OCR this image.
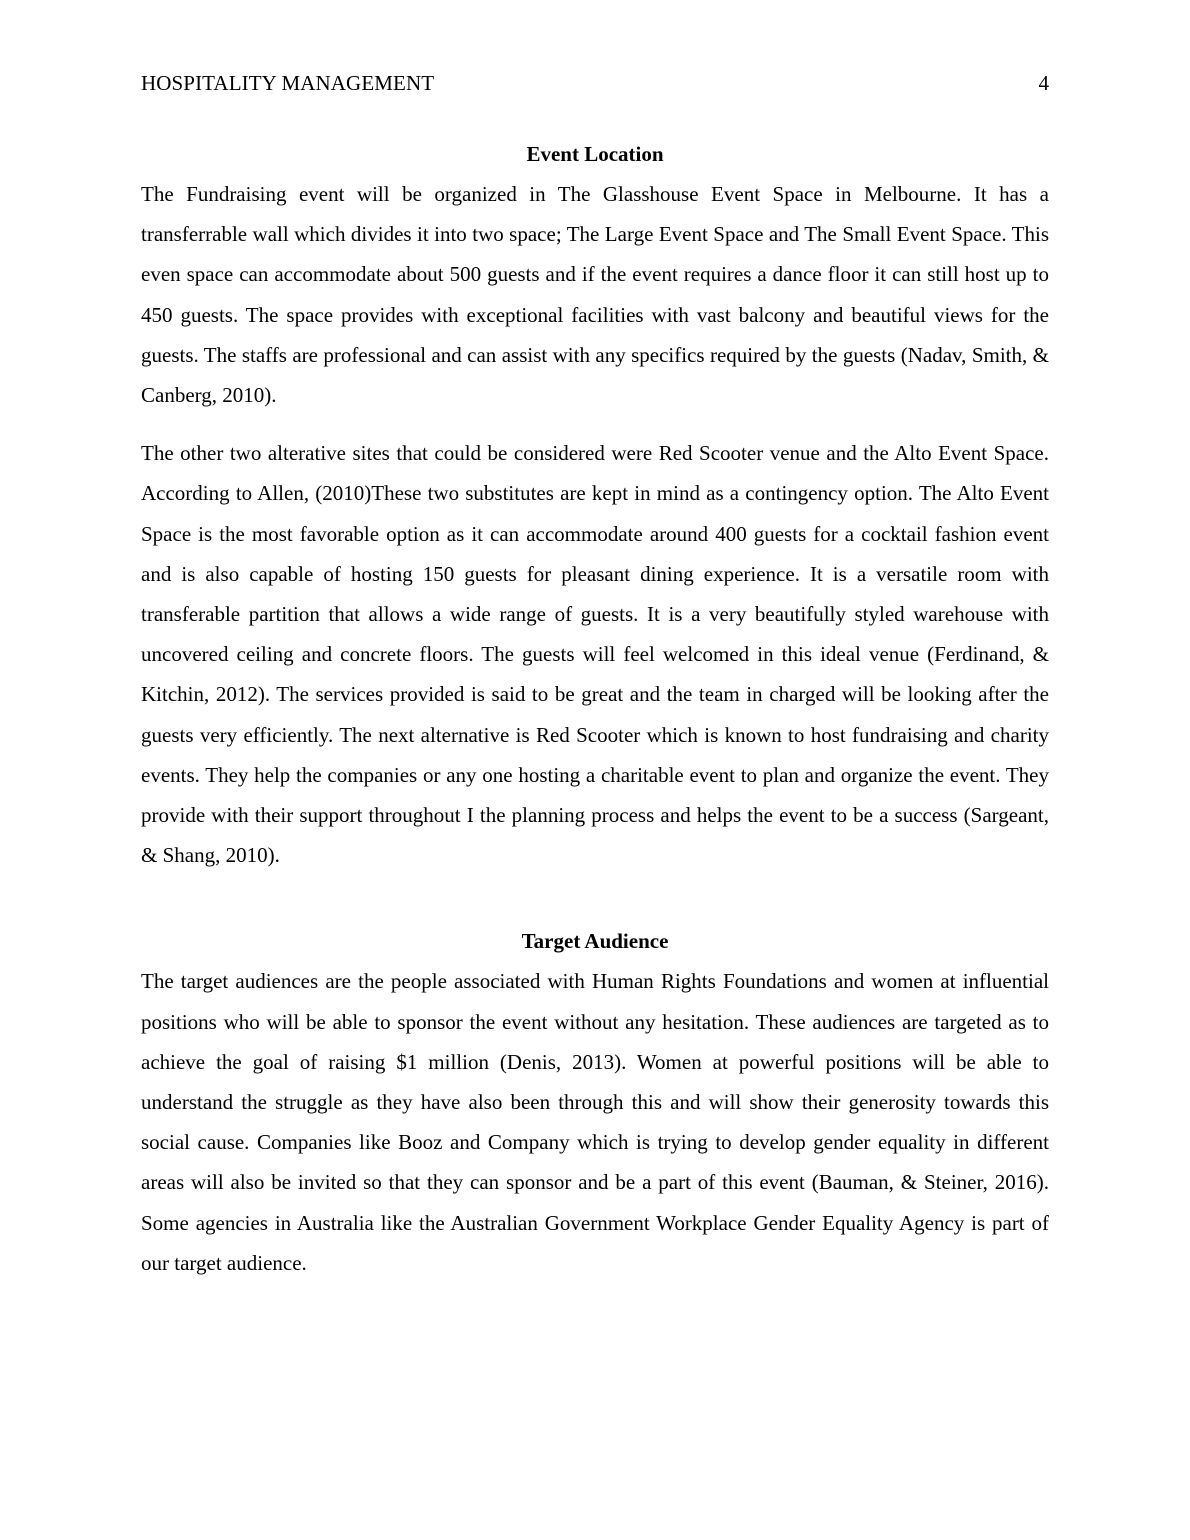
HOSPITALITY MANAGEMENT	4
Event Location

The Fundraising event will be organized in The Glasshouse Event Space in Melbourne. It has a transferrable wall which divides it into two space; The Large Event Space and The Small Event Space. This even space can accommodate about 500 guests and if the event requires a dance floor it can still host up to 450 guests. The space provides with exceptional facilities with vast balcony and beautiful views for the guests. The staffs are professional and can assist with any specifics required by the guests (Nadav, Smith, & Canberg, 2010).

The other two alterative sites that could be considered were Red Scooter venue and the Alto Event Space. According to Allen, (2010)These two substitutes are kept in mind as a contingency option. The Alto Event Space is the most favorable option as it can accommodate around 400 guests for a cocktail fashion event and is also capable of hosting 150 guests for pleasant dining experience. It is a versatile room with transferable partition that allows a wide range of guests. It is a very beautifully styled warehouse with uncovered ceiling and concrete floors. The guests will feel welcomed in this ideal venue (Ferdinand, & Kitchin, 2012). The services provided is said to be great and the team in charged will be looking after the guests very efficiently. The next alternative is Red Scooter which is known to host fundraising and charity events. They help the companies or any one hosting a charitable event to plan and organize the event. They provide with their support throughout I the planning process and helps the event to be a success (Sargeant, & Shang, 2010).

Target Audience

The target audiences are the people associated with Human Rights Foundations and women at influential positions who will be able to sponsor the event without any hesitation. These audiences are targeted as to achieve the goal of raising $1 million (Denis, 2013). Women at powerful positions will be able to understand the struggle as they have also been through this and will show their generosity towards this social cause. Companies like Booz and Company which is trying to develop gender equality in different areas will also be invited so that they can sponsor and be a part of this event (Bauman, & Steiner, 2016). Some agencies in Australia like the Australian Government Workplace Gender Equality Agency is part of our target audience.
